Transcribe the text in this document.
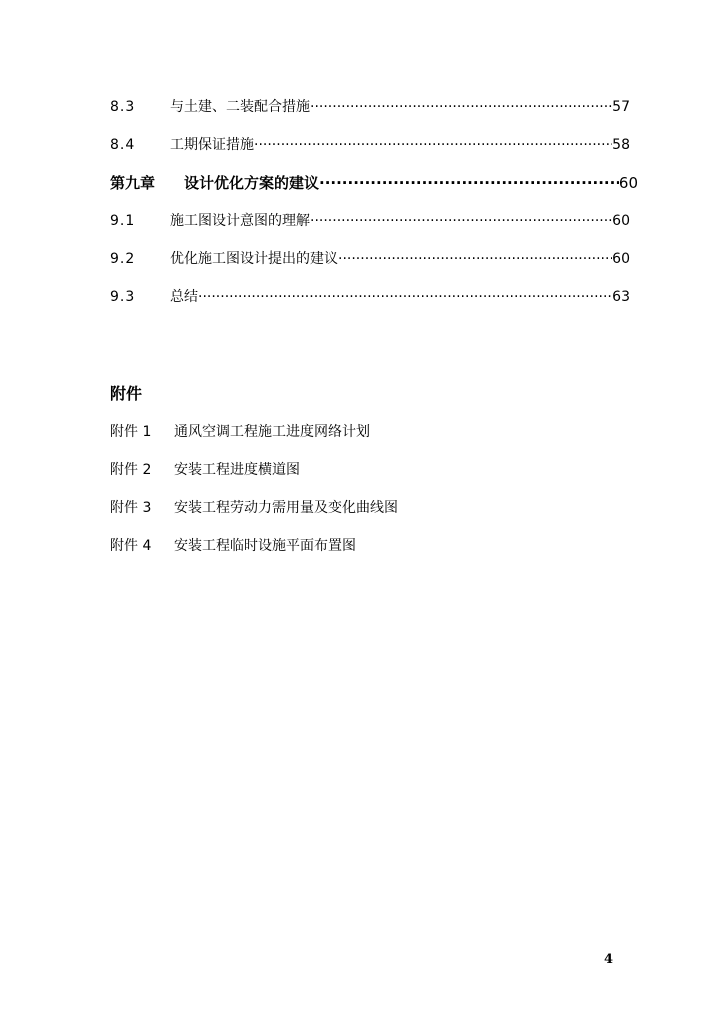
8.3	与土建、二装配合措施 ·····	57
8.4	工期保证措施 ·····	58
第九章	设计优化方案的建议 ·····	60
9.1	施工图设计意图的理解 ·····	60
9.2	优化施工图设计提出的建议 ·····	60
9.3	总结 ·····	63
附件
附件 1	通风空调工程施工进度网络计划
附件 2	安装工程进度横道图
附件 3	安装工程劳动力需用量及变化曲线图
附件 4	安装工程临时设施平面布置图
4
